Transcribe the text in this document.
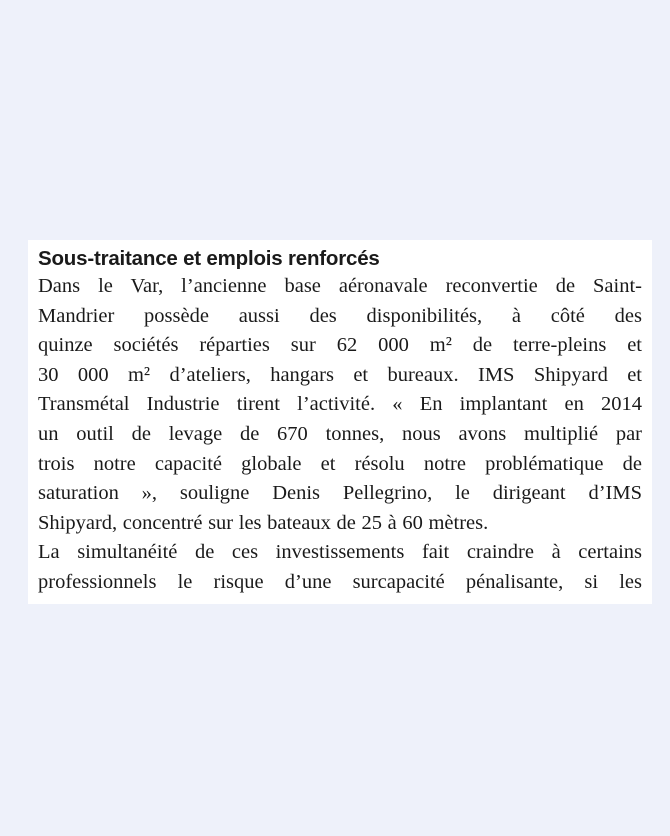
Sous-traitance et emplois renforcés

Dans le Var, l’ancienne base aéronavale reconvertie de Saint-
Mandrier possède aussi des disponibilités, à côté des
quinze sociétés réparties sur 62 000 m² de terre-pleins et
30 000 m² d’ateliers, hangars et bureaux. IMS Shipyard et
Transmétal Industrie tirent l’activité. « En implantant en 2014
un outil de levage de 670 tonnes, nous avons multiplié par
trois notre capacité globale et résolu notre problématique de
saturation », souligne Denis Pellegrino, le dirigeant d’IMS
Shipyard, concentré sur les bateaux de 25 à 60 mètres.

La simultanéité de ces investissements fait craindre à certains
professionnels le risque d’une surcapacité pénalisante, si les
